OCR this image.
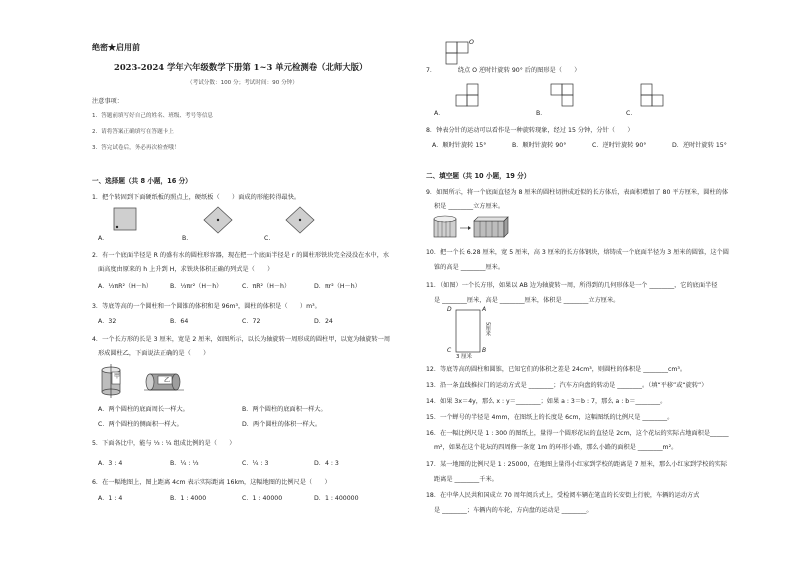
绝密★启用前
2023-2024 学年六年级数学下册第 1~3 单元检测卷（北师大版）
（考试分数：100 分；考试时间：90 分钟）
注意事项：
1．答题前填写好自己的姓名、班级、考号等信息
2．请将答案正确填写在答题卡上
3．答完试卷后，务必再次检查哦！
一、选择题（共 8 小题，16 分）
1．把个转固到下面硬纸板的照点上，硬纸板（　　）面成的形能转得最快。
A.	B.	C.
2．有一个底面半径是 R 的盛有水的圆柱形容器，现在把一个底面半径是 r 的圆柱形铁块完全浸没在水中，水
面高度由原来的 h 上升到 H，求铁块体积正确的列式是（　　）
A．⅓πR²（H－h）	B．⅓πr²（H－h）	C．πR²（H－h）	D．πr²（H－h）
3．等底等高的一个圆柱和一个圆锥的体积和是 96m³，圆柱的体积是（　　）m³。
A．32	B．64	C．72	D．24
4．一个长方形的长是 3 厘米，宽是 2 厘米，如图所示，以长为轴旋转一周形成的圆柱甲，以宽为轴旋转一周
形成圆柱乙，下面说法正确的是（　　）
甲
乙
A．两个圆柱的底面周长一样大。	B．两个圆柱的底面积一样大。
C．两个圆柱的侧面积一样大。	D．两个圆柱的体积一样大。
5．下面各比中，能与 ⅓ : ¼ 组成比例的是（　　）
A．3 : 4	B．¼ : ⅓	C．¼ : 3	D．4 : 3
6．在一幅地图上，图上距离 4cm 表示实际距离 16km，这幅地图的比例尺是（　　）
A．1 : 4	B．1 : 4000	C．1 : 40000	D．1 : 400000
O
7．　　　　绕点 O 逆时针旋转 90° 后的图形是（　　）
A．	B．	C．
8．钟表分针的运动可以看作是一种旋转现象，经过 15 分钟，分针（　　）
A．顺时针旋转 15°	B．顺时针旋转 90°	C．逆时针旋转 90°	D．逆时针旋转 15°
二、填空题（共 10 小题，19 分）
9．如图所示，将一个底面直径为 8 厘米的圆柱切拼成近似的长方体后，表面积增加了 80 平方厘米，圆柱的体
积是 ________立方厘米。
10．把一个长 6.28 厘米，宽 5 厘米，高 3 厘米的长方体钢块，熔铸成一个底面半径为 3 厘米的圆锥，这个圆
锥的高是 ________厘米。
11．（如图）一个长方形，如果以 AB 边为轴旋转一周，所得到的几何形体是一个 ________，它的底面半径
是 ________厘米，高是 ________厘米，体积是 ________立方厘米。
A
B
C
D
5厘米
3 厘米
12．等底等高的圆柱和圆锥，已知它们的体积之差是 24cm³，则圆柱的体积是 ________cm³。
13．沿一条直线推拉门的运动方式是 ________；汽车方向盘的转动是 ________。（填“平移”或“旋转”）
14．如果 3x＝4y，那么 x : y＝________；如果 a : 3＝b : 7，那么 a : b＝________。
15．一个蝉号的半径是 4mm，在图纸上的长度是 6cm，这幅图纸的比例尺是 ________。
16．在一幅比例尺是 1 : 300 的图纸上，量得一个圆形花坛的直径是 2cm，这个花坛的实际占地面积是______
m²，如果在这个花坛的四周修一条宽 1m 的环形小路，那么小路的面积是 ________m²。
17．某一地图的比例尺是 1 : 25000，在地图上量得小红家到学校的距离是 7 厘米，那么小红家到学校的实际
距离是 ________千米。
18．在中华人民共和国成立 70 周年阅兵式上，受检阅车辆在笔直的长安街上行驶，车辆的运动方式
是 ________；车辆内的车轮，方向盘的运动是 ________。
